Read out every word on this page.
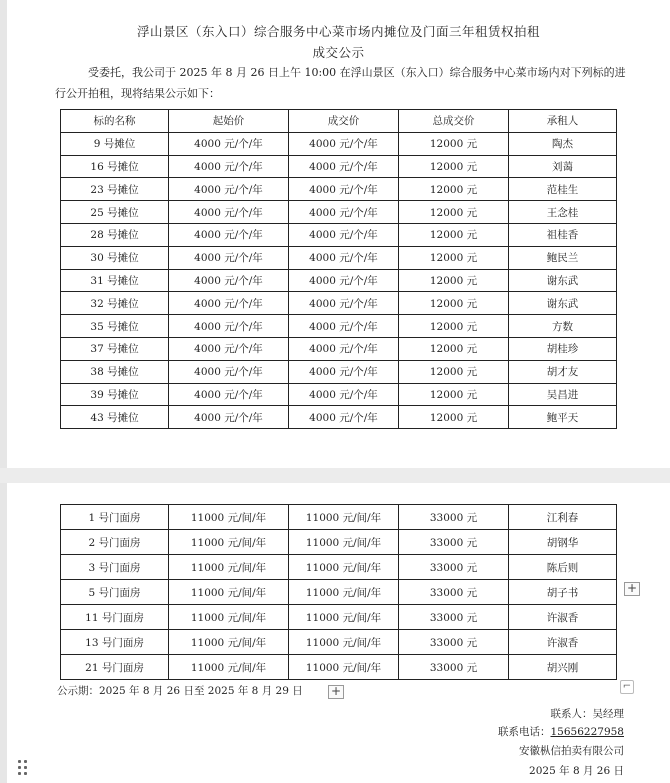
浮山景区（东入口）综合服务中心菜市场内摊位及门面三年租赁权拍租
成交公示
受委托，我公司于 2025 年 8 月 26 日上午 10:00 在浮山景区（东入口）综合服务中心菜市场内对下列标的进行公开拍租，现将结果公示如下：
标的名称	起始价	成交价	总成交价	承租人
9 号摊位	4000 元/个/年	4000 元/个/年	12000 元	陶杰
16 号摊位	4000 元/个/年	4000 元/个/年	12000 元	刘蔼
23 号摊位	4000 元/个/年	4000 元/个/年	12000 元	范桂生
25 号摊位	4000 元/个/年	4000 元/个/年	12000 元	王念桂
28 号摊位	4000 元/个/年	4000 元/个/年	12000 元	祖桂香
30 号摊位	4000 元/个/年	4000 元/个/年	12000 元	鲍民兰
31 号摊位	4000 元/个/年	4000 元/个/年	12000 元	谢东武
32 号摊位	4000 元/个/年	4000 元/个/年	12000 元	谢东武
35 号摊位	4000 元/个/年	4000 元/个/年	12000 元	方数
37 号摊位	4000 元/个/年	4000 元/个/年	12000 元	胡桂珍
38 号摊位	4000 元/个/年	4000 元/个/年	12000 元	胡才友
39 号摊位	4000 元/个/年	4000 元/个/年	12000 元	吴昌进
43 号摊位	4000 元/个/年	4000 元/个/年	12000 元	鲍平天
1 号门面房	11000 元/间/年	11000 元/间/年	33000 元	江利春
2 号门面房	11000 元/间/年	11000 元/间/年	33000 元	胡钢华
3 号门面房	11000 元/间/年	11000 元/间/年	33000 元	陈后则
5 号门面房	11000 元/间/年	11000 元/间/年	33000 元	胡子书
11 号门面房	11000 元/间/年	11000 元/间/年	33000 元	许淑香
13 号门面房	11000 元/间/年	11000 元/间/年	33000 元	许淑香
21 号门面房	11000 元/间/年	11000 元/间/年	33000 元	胡兴刚
+
公示期：2025 年 8 月 26 日至 2025 年 8 月 29 日 +	⌐
联系人：吴经理
联系电话：15656227958
安徽枞信拍卖有限公司
2025 年 8 月 26 日
